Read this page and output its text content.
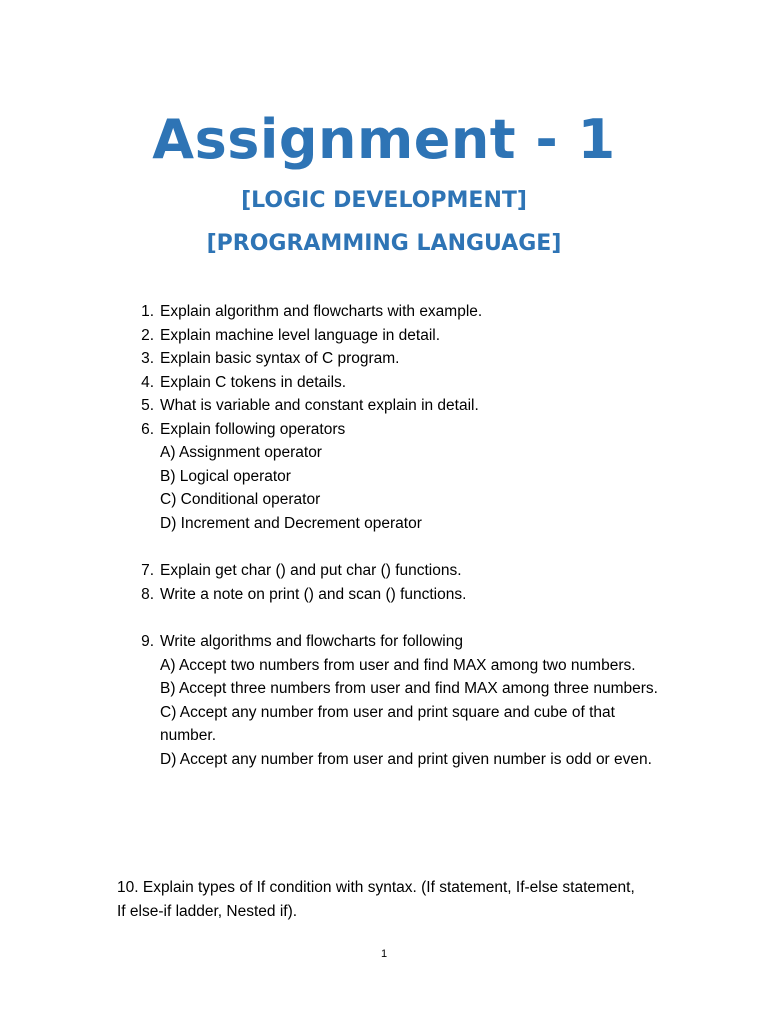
Assignment - 1
[LOGIC DEVELOPMENT]
[PROGRAMMING LANGUAGE]
1 . Explain algorithm and flowcharts with example.
2 . Explain machine level language in detail.
3 . Explain basic syntax of C program.
4 . Explain C tokens in details.
5 . What is variable and constant explain in detail.
6 . Explain following operators
A) Assignment operator
B) Logical operator
C) Conditional operator
D) Increment and Decrement operator
7 . Explain get char () and put char () functions.
8 . Write a note on print () and scan () functions.
9 . Write algorithms and flowcharts for following
A) Accept two numbers from user and find MAX among two numbers.
B) Accept three numbers from user and find MAX among three numbers.
C) Accept any number from user and print square and cube of that number.
D) Accept any number from user and print given number is odd or even.
10. Explain types of If condition with syntax. (If statement, If-else statement, If else-if ladder, Nested if).
1
